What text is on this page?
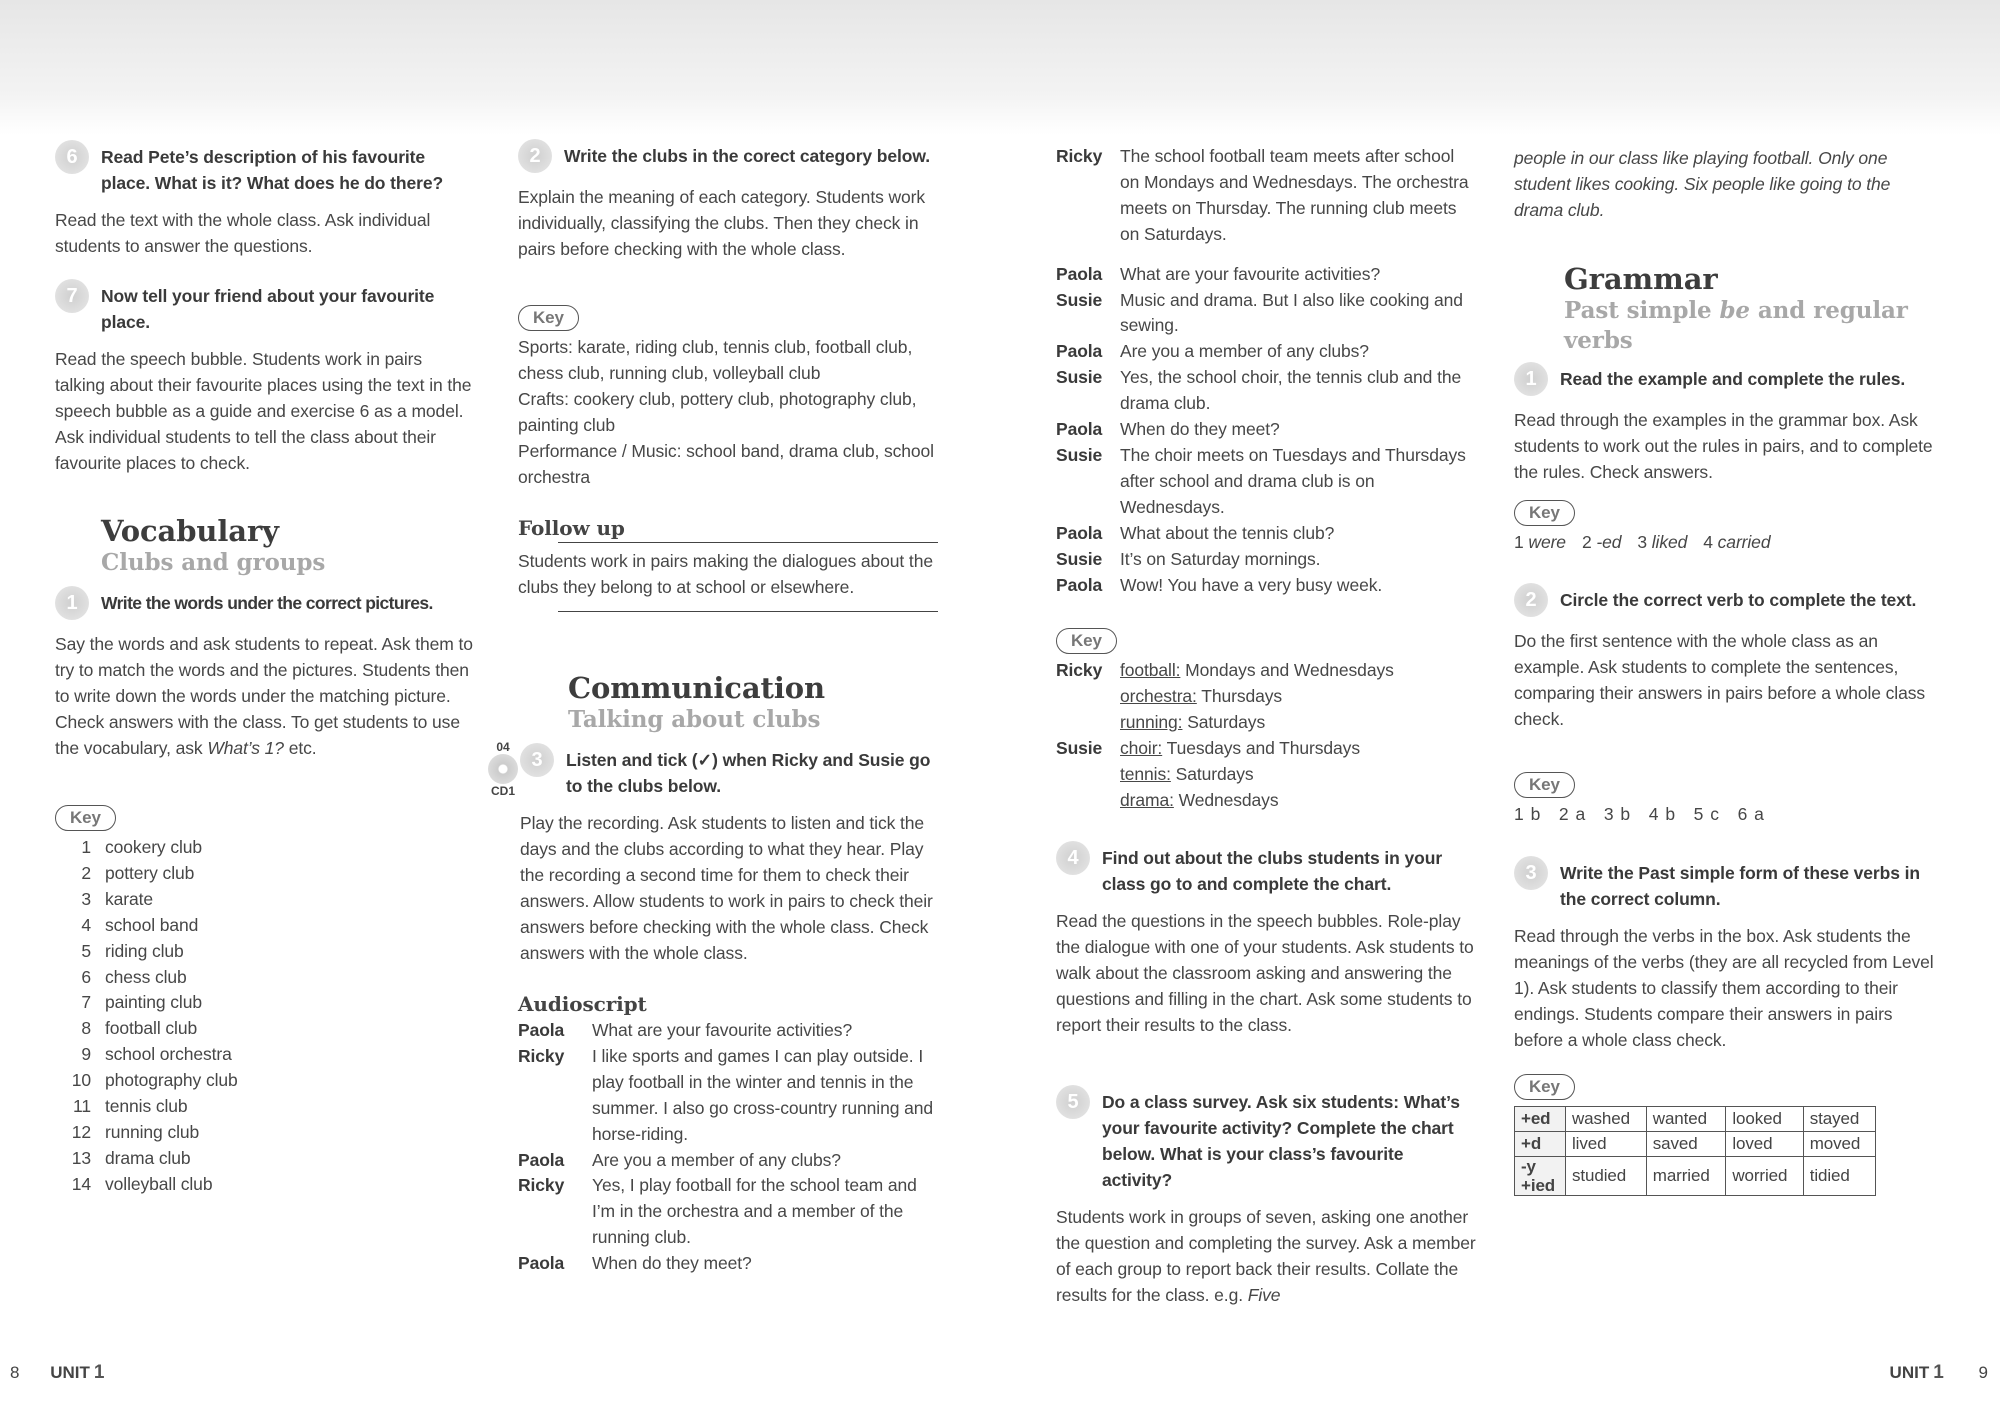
6	Read Pete’s description of his favourite place. What is it? What does he do there?
Read the text with the whole class. Ask individual students to answer the questions.
7	Now tell your friend about your favourite place.
Read the speech bubble. Students work in pairs talking about their favourite places using the text in the speech bubble as a guide and exercise 6 as a model. Ask individual students to tell the class about their favourite places to check.
Vocabulary
Clubs and groups
1	Write the words under the correct pictures.
Say the words and ask students to repeat. Ask them to try to match the words and the pictures. Students then to write down the words under the matching picture. Check answers with the class. To get students to use the vocabulary, ask What’s 1? etc.
Key
1 cookery club
2 pottery club
3 karate
4 school band
5 riding club
6 chess club
7 painting club
8 football club
9 school orchestra
10 photography club
11 tennis club
12 running club
13 drama club
14 volleyball club
2	Write the clubs in the corect category below.
Explain the meaning of each category. Students work individually, classifying the clubs. Then they check in pairs before checking with the whole class.
Key
Sports: karate, riding club, tennis club, football club, chess club, running club, volleyball club
Crafts: cookery club, pottery club, photography club, painting club
Performance / Music: school band, drama club, school orchestra
Follow up
Students work in pairs making the dialogues about the clubs they belong to at school or elsewhere.
Communication
Talking about clubs
04
CD1
3	Listen and tick (✓) when Ricky and Susie go to the clubs below.
Play the recording. Ask students to listen and tick the days and the clubs according to what they hear. Play the recording a second time for them to check their answers. Allow students to work in pairs to check their answers before checking with the whole class. Check answers with the whole class.
Audioscript
Paola	What are your favourite activities?
Ricky	I like sports and games I can play outside. I play football in the winter and tennis in the summer. I also go cross-country running and horse-riding.
Paola	Are you a member of any clubs?
Ricky	Yes, I play football for the school team and I’m in the orchestra and a member of the running club.
Paola	When do they meet?
Ricky	The school football team meets after school on Mondays and Wednesdays. The orchestra meets on Thursday. The running club meets on Saturdays.
Paola	What are your favourite activities?
Susie	Music and drama. But I also like cooking and sewing.
Paola	Are you a member of any clubs?
Susie	Yes, the school choir, the tennis club and the drama club.
Paola	When do they meet?
Susie	The choir meets on Tuesdays and Thursdays after school and drama club is on Wednesdays.
Paola	What about the tennis club?
Susie	It’s on Saturday mornings.
Paola	Wow! You have a very busy week.
Key
Ricky	football: Mondays and Wednesdays
orchestra: Thursdays
running: Saturdays
Susie	choir: Tuesdays and Thursdays
tennis: Saturdays
drama: Wednesdays
4	Find out about the clubs students in your class go to and complete the chart.
Read the questions in the speech bubbles. Role-play the dialogue with one of your students. Ask students to walk about the classroom asking and answering the questions and filling in the chart. Ask some students to report their results to the class.
5	Do a class survey. Ask six students: What’s your favourite activity? Complete the chart below. What is your class’s favourite activity?
Students work in groups of seven, asking one another the question and completing the survey. Ask a member of each group to report back their results. Collate the results for the class. e.g. Five
people in our class like playing football. Only one student likes cooking. Six people like going to the drama club.
Grammar
Past simple be and regular verbs
1	Read the example and complete the rules.
Read through the examples in the grammar box. Ask students to work out the rules in pairs, and to complete the rules. Check answers.
Key
1 were 2 -ed 3 liked 4 carried
2	Circle the correct verb to complete the text.
Do the first sentence with the whole class as an example. Ask students to complete the sentences, comparing their answers in pairs before a whole class check.
Key
1 b   2 a   3 b   4 b   5 c   6 a
3	Write the Past simple form of these verbs in the correct column.
Read through the verbs in the box. Ask students the meanings of the verbs (they are all recycled from Level 1). Ask students to classify them according to their endings. Students compare their answers in pairs before a whole class check.
Key
+ed	washed	wanted	looked	stayed
+d	lived	saved	loved	moved
-y +ied	studied	married	worried	tidied
8 UNIT 1	UNIT 1 9
